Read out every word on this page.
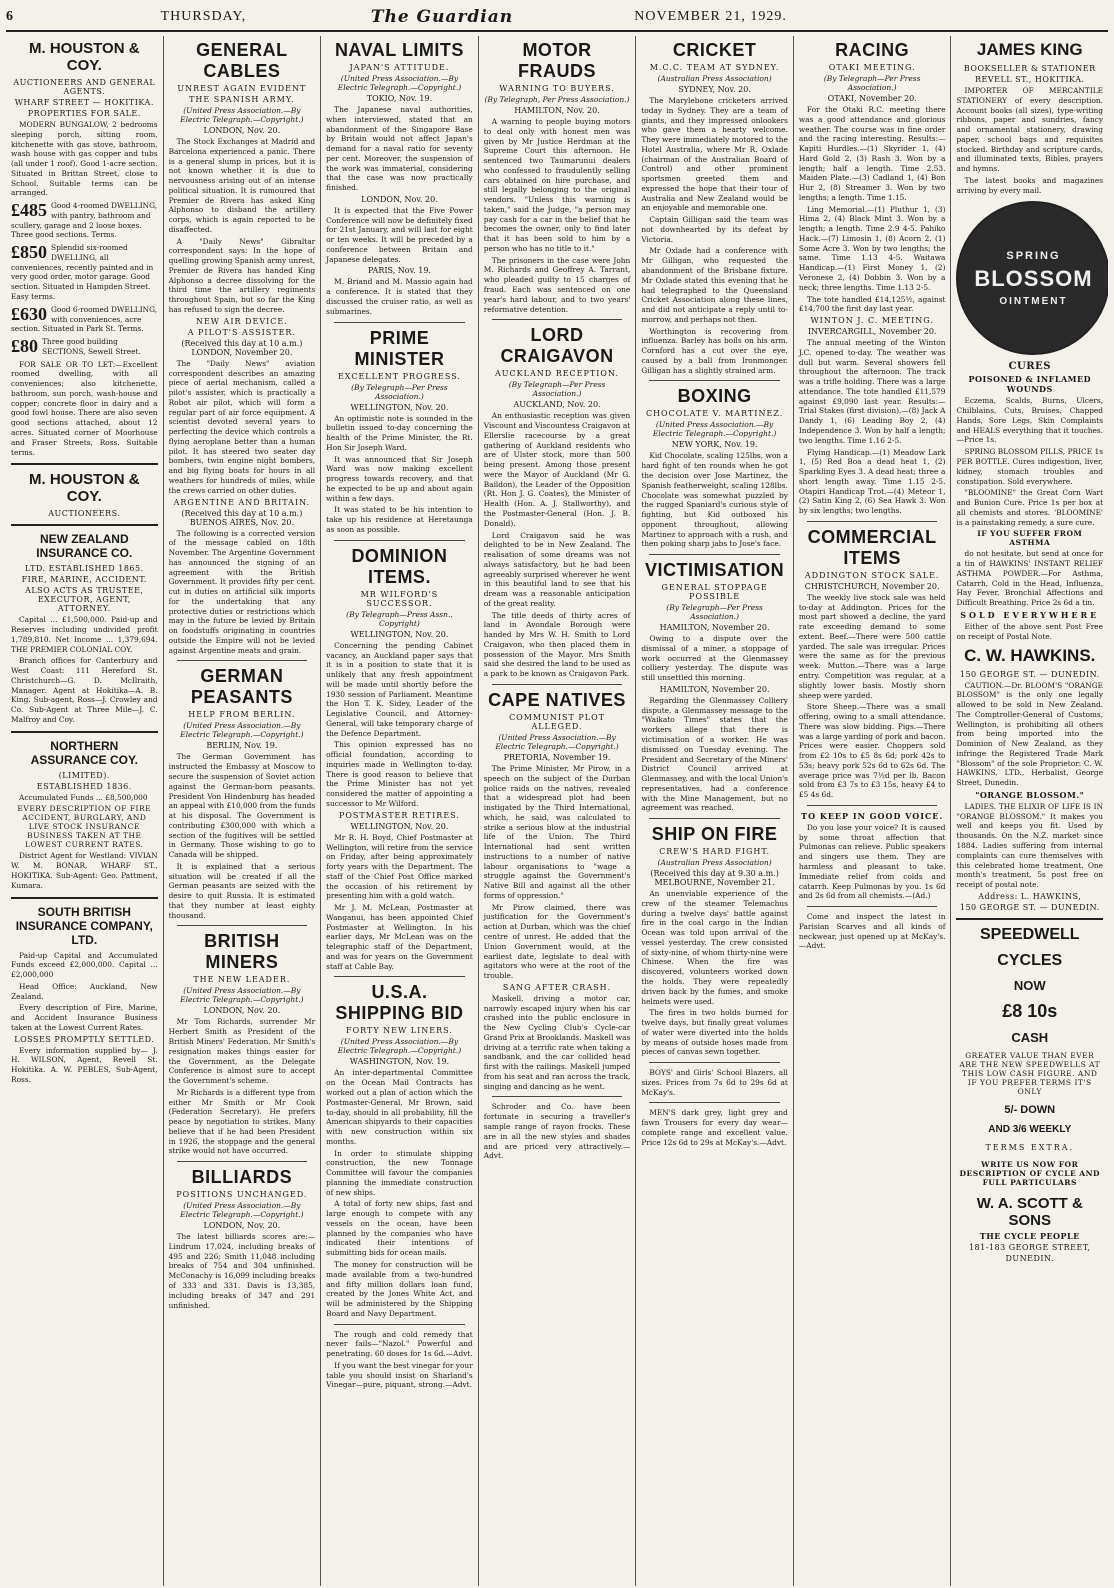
6	THURSDAY,	The Guardian	NOVEMBER 21, 1929.
M. HOUSTON & COY.
AUCTIONEERS AND GENERAL AGENTS.
WHARF STREET — HOKITIKA.
PROPERTIES FOR SALE.
MODERN BUNGALOW, 2 bedrooms sleeping porch, sitting room, kitchenette with gas stove, bathroom, wash house with gas copper and tubs (all under 1 roof). Good 1-acre section. Situated in Brittan Street, close to School. Suitable terms can be arranged.
£485 Good 4-roomed DWELLING, with pantry, bathroom and scullery, garage and 2 loose boxes. Three good sections. Terms.
£850 Splendid six-roomed DWELLING, all conveniences, recently painted and in very good order, motor garage. Good section. Situated in Hampden Street. Easy terms.
£630 Good 6-roomed DWELLING, with conveniences, acre section. Situated in Park St. Terms.
£80 Three good building SECTIONS, Sewell Street.
FOR SALE OR TO LET:—Excellent roomed dwelling, with all conveniences; also kitchenette, bathroom, sun porch, wash-house and copper; concrete floor in dairy and a good fowl house. There are also seven good sections attached, about 12 acres. Situated corner of Moorhouse and Fraser Streets, Ross. Suitable terms.
M. HOUSTON & COY.
AUCTIONEERS.
NEW ZEALAND INSURANCE CO.
LTD. ESTABLISHED 1865.
FIRE, MARINE, ACCIDENT.
ALSO ACTS AS TRUSTEE, EXECUTOR, AGENT, ATTORNEY.
Capital ... £1,500,000. Paid-up and Reserves including undivided profit 1,789,810. Net Income ... 1,379,694. THE PREMIER COLONIAL COY.
Branch offices for Canterbury and West Coast: 111 Hereford St. Christchurch—G. D. McIlraith, Manager. Agent at Hokitika—A. B. King. Sub-agent, Ross—J. Crowley and Co. Sub-Agent at Three Mile—J. C. Malfroy and Coy.
NORTHERN ASSURANCE COY.
(LIMITED).
ESTABLISHED 1836.
Accumulated Funds ... £8,500,000
EVERY DESCRIPTION OF FIRE ACCIDENT, BURGLARY, AND LIVE STOCK INSURANCE BUSINESS TAKEN AT THE LOWEST CURRENT RATES.
District Agent for Westland: VIVIAN W. M. BONAR, WHARF ST., HOKITIKA. Sub-Agent: Geo. Pattment, Kumara.
SOUTH BRITISH INSURANCE COMPANY, LTD.
Paid-up Capital and Accumulated Funds exceed £2,000,000. Capital ... £2,000,000
Head Office: Auckland, New Zealand.
Every description of Fire, Marine, and Accident Insurance Business taken at the Lowest Current Rates.
LOSSES PROMPTLY SETTLED.
Every information supplied by— J. H. WILSON, Agent, Revell St. Hokitika. A. W. PEBLES, Sub-Agent, Ross.
GENERAL CABLES
UNREST AGAIN EVIDENT
THE SPANISH ARMY.
(United Press Association.—By Electric Telegraph.—Copyright.)
LONDON, Nov. 20.
The Stock Exchanges at Madrid and Barcelona experienced a panic. There is a general slump in prices, but it is not known whether it is due to nervousness arising out of an intense political situation. It is rumoured that Premier de Rivera has asked King Alphonso to disband the artillery corps, which is again reported to be disaffected.
A "Daily News" Gibraltar correspondent says: In the hope of quelling growing Spanish army unrest, Premier de Rivera has handed King Alphonso a decree dissolving for the third time the artillery regiments throughout Spain, but so far the King has refused to sign the decree.
NEW AIR DEVICE.
A PILOT'S ASSISTER.
(Received this day at 10 a.m.) LONDON, November 20.
The "Daily News" aviation correspondent describes an amazing piece of aerial mechanism, called a pilot's assister, which is practically a Robot air pilot, which will form a regular part of air force equipment. A scientist devoted several years to perfecting the device which controls a flying aeroplane better than a human pilot. It has steered two seater day bombers, twin engine night bombers, and big flying boats for hours in all weathers for hundreds of miles, while the crews carried on other duties.
ARGENTINE AND BRITAIN.
(Received this day at 10 a.m.) BUENOS AIRES, Nov. 20.
The following is a corrected version of the message cabled on 18th November. The Argentine Government has announced the signing of an agreement with the British Government. It provides fifty per cent. cut in duties on artificial silk imports for the undertaking that any protective duties or restrictions which may in the future be levied by Britain on foodstuffs originating in countries outside the Empire will not be levied against Argentine meats and grain.
GERMAN PEASANTS
HELP FROM BERLIN.
(United Press Association.—By Electric Telegraph.—Copyright.)
BERLIN, Nov. 19.
The German Government has instructed the Embassy at Moscow to secure the suspension of Soviet action against the German-born peasants. President Von Hindenburg has headed an appeal with £10,000 from the funds at his disposal. The Government is contributing £300,000 with which a section of the fugitives will be settled in Germany. Those wishing to go to Canada will be shipped.
It is explained that a serious situation will be created if all the German peasants are seized with the desire to quit Russia. It is estimated that they number at least eighty thousand.
BRITISH MINERS
THE NEW LEADER.
(United Press Association.—By Electric Telegraph.—Copyright.)
LONDON, Nov. 20.
Mr Tom Richards, surrender Mr Herbert Smith as President of the British Miners' Federation. Mr Smith's resignation makes things easier for the Government, as the Delegate Conference is almost sure to accept the Government's scheme.
Mr Richards is a different type from either Mr Smith or Mr Cook (Federation Secretary). He prefers peace by negotiation to strikes. Many believe that if he had been President in 1926, the stoppage and the general strike would not have occurred.
BILLIARDS
POSITIONS UNCHANGED.
(United Press Association.—By Electric Telegraph.—Copyright.)
LONDON, Nov. 20.
The latest billiards scores are:— Lindrum 17,024, including breaks of 495 and 226; Smith 11,048 including breaks of 754 and 304 unfinished. McConachy is 16,099 including breaks of 333 and 331. Davis is 13,385, including breaks of 347 and 291 unfinished.
NAVAL LIMITS
JAPAN'S ATTITUDE.
(United Press Association.—By Electric Telegraph.—Copyright.)
TOKIO, Nov. 19.
The Japanese naval authorities, when interviewed, stated that an abandonment of the Singapore Base by Britain would not affect Japan's demand for a naval ratio for seventy per cent. Moreover, the suspension of the work was immaterial, considering that the case was now practically finished.
LONDON, Nov. 20.
It is expected that the Five Power Conference will now be definitely fixed for 21st January, and will last for eight or ten weeks. It will be preceded by a conference between Britain and Japanese delegates.
PARIS, Nov. 19.
M. Briand and M. Massio again had a conference. It is stated that they discussed the cruiser ratio, as well as submarines.
PRIME MINISTER
EXCELLENT PROGRESS.
(By Telegraph—Per Press Association.)
WELLINGTON, Nov. 20.
An optimistic note is sounded in the bulletin issued to-day concerning the health of the Prime Minister, the Rt. Hon Sir Joseph Ward.
It was announced that Sir Joseph Ward was now making excellent progress towards recovery, and that he expected to be up and about again within a few days.
It was stated to be his intention to take up his residence at Heretaunga as soon as possible.
DOMINION ITEMS.
MR WILFORD'S SUCCESSOR.
(By Telegraph—Press Assn., Copyright)
WELLINGTON, Nov. 20.
Concerning the pending Cabinet vacancy, an Auckland paper says that it is in a position to state that it is unlikely that any fresh appointment will be made until shortly before the 1930 session of Parliament. Meantime the Hon T. K. Sidey, Leader of the Legislative Council, and Attorney-General, will take temporary charge of the Defence Department.
This opinion expressed has no official foundation, according to inquiries made in Wellington to-day. There is good reason to believe that the Prime Minister has not yet considered the matter of appointing a successor to Mr Wilford.
POSTMASTER RETIRES.
WELLINGTON, Nov. 20.
Mr R. H. Boyd, Chief Postmaster at Wellington, will retire from the service on Friday, after being approximately forty years with the Department. The staff of the Chief Post Office marked the occasion of his retirement by presenting him with a gold watch.
Mr J. M. McLean, Postmaster at Wanganui, has been appointed Chief Postmaster at Wellington. In his earlier days, Mr McLean was on the telegraphic staff of the Department, and was for years on the Government staff at Cable Bay.
U.S.A. SHIPPING BID
FORTY NEW LINERS.
(United Press Association.—By Electric Telegraph.—Copyright.)
WASHINGTON, Nov. 19.
An inter-departmental Committee on the Ocean Mail Contracts has worked out a plan of action which the Postmaster-General, Mr Brown, said to-day, should in all probability, fill the American shipyards to their capacities with new construction within six months.
In order to stimulate shipping construction, the new Tonnage Committee will favour the companies planning the immediate construction of new ships.
A total of forty new ships, fast and large enough to compete with any vessels on the ocean, have been planned by the companies who have indicated their intentions of submitting bids for ocean mails.
The money for construction will be made available from a two-hundred and fifty million dollars loan fund, created by the Jones White Act, and will be administered by the Shipping Board and Navy Department.
The rough and cold remedy that never fails—"Nazol." Powerful and penetrating. 60 doses for 1s 6d.—Advt.
If you want the best vinegar for your table you should insist on Sharland's Vinegar—pure, piquant, strong.—Advt.
MOTOR FRAUDS
WARNING TO BUYERS.
(By Telegraph, Per Press Association.)
HAMILTON, Nov. 20.
A warning to people buying motors to deal only with honest men was given by Mr Justice Herdman at the Supreme Court this afternoon. He sentenced two Taumarunui dealers who confessed to fraudulently selling cars obtained on hire purchase, and still legally belonging to the original vendors. "Unless this warning is taken," said the Judge, "a person may pay cash for a car in the belief that he becomes the owner, only to find later that it has been sold to him by a person who has no title to it."
The prisoners in the case were John M. Richards and Geoffrey A. Tarrant, who pleaded guilty to 15 charges of fraud. Each was sentenced on one year's hard labour, and to two years' reformative detention.
LORD CRAIGAVON
AUCKLAND RECEPTION.
(By Telegraph—Per Press Association.)
AUCKLAND, Nov. 20.
An enthusiastic reception was given Viscount and Viscountess Craigavon at Ellerslie racecourse by a great gathering of Auckland residents who are of Ulster stock, more than 500 being present. Among those present were the Mayor of Auckland (Mr G. Baildon), the Leader of the Opposition (Rt. Hon J. G. Coates), the Minister of Health (Hon. A. J. Stallworthy), and the Postmaster-General (Hon. J. B. Donald).
Lord Craigavon said he was delighted to be in New Zealand. The realisation of some dreams was not always satisfactory, but he had been agreeably surprised wherever he went in this beautiful land to see that his dream was a reasonable anticipation of the great reality.
The title deeds of thirty acres of land in Avondale Borough were handed by Mrs W. H. Smith to Lord Craigavon, who then placed them in possession of the Mayor. Mrs Smith said she desired the land to be used as a park to be known as Craigavon Park.
CAPE NATIVES
COMMUNIST PLOT ALLEGED.
(United Press Association.—By Electric Telegraph.—Copyright.)
PRETORIA, November 19.
The Prime Minister, Mr Pirow, in a speech on the subject of the Durban police raids on the natives, revealed that a widespread plot had been instigated by the Third International, which, he said, was calculated to strike a serious blow at the industrial life of the Union. The Third International had sent written instructions to a number of native labour organisations to "wage a struggle against the Government's Native Bill and against all the other forms of oppression."
Mr Pirow claimed, there was justification for the Government's action at Durban, which was the chief centre of unrest. He added that the Union Government would, at the earliest date, legislate to deal with agitators who were at the root of the trouble.
SANG AFTER CRASH.
Maskell, driving a motor car, narrowly escaped injury when his car crashed into the public enclosure in the New Cycling Club's Cycle-car Grand Prix at Brooklands. Maskell was driving at a terrific rate when taking a sandbank, and the car collided head first with the railings. Maskell jumped from his seat and ran across the track, singing and dancing as he went.
Schroder and Co. have been fortunate in securing a traveller's sample range of rayon frocks. These are in all the new styles and shades and are priced very attractively.—Advt.
CRICKET
M.C.C. TEAM AT SYDNEY.
(Australian Press Association)
SYDNEY, Nov. 20.
The Marylebone cricketers arrived today in Sydney. They are a team of giants, and they impressed onlookers who gave them a hearty welcome. They were immediately motored to the Hotel Australia, where Mr R. Oxlade (chairman of the Australian Board of Control) and other prominent sportsmen greeted them and expressed the hope that their tour of Australia and New Zealand would be an enjoyable and memorable one.
Captain Gilligan said the team was not downhearted by its defeat by Victoria.
Mr Oxlade had a conference with Mr Gilligan, who requested the abandonment of the Brisbane fixture. Mr Oxlade stated this evening that he had telegraphed to the Queensland Cricket Association along these lines, and did not anticipate a reply until to-morrow, and perhaps not then.
Worthington is recovering from influenza. Barley has boils on his arm. Cornford has a cut over the eye, caused by a ball from Ironmonger. Gilligan has a slightly strained arm.
BOXING
CHOCOLATE V. MARTINEZ.
(United Press Association.—By Electric Telegraph.—Copyright.)
NEW YORK, Nov. 19.
Kid Chocolate, scaling 125lbs, won a hard fight of ten rounds when he got the decision over Jose Martinez, the Spanish featherweight, scaling 128lbs. Chocolate was somewhat puzzled by the rugged Spaniard's curious style of fighting, but Kid outboxed his opponent throughout, allowing Martinez to approach with a rush, and then poking sharp jabs to Jose's face.
VICTIMISATION
GENERAL STOPPAGE POSSIBLE
(By Telegraph—Per Press Association.)
HAMILTON, November 20.
Owing to a dispute over the dismissal of a miner, a stoppage of work occurred at the Glenmassey colliery yesterday. The dispute was still unsettled this morning.
HAMILTON, November 20.
Regarding the Glenmassey Colliery dispute, a Glenmassey message to the "Waikato Times" states that the workers allege that there is victimisation of a worker. He was dismissed on Tuesday evening. The President and Secretary of the Miners' District Council arrived at Glenmassey, and with the local Union's representatives, had a conference with the Mine Management, but no agreement was reached.
SHIP ON FIRE
CREW'S HARD FIGHT.
(Australian Press Association)
(Received this day at 9.30 a.m.) MELBOURNE, November 21.
An unenviable experience of the crew of the steamer Telemachus during a twelve days' battle against fire in the coal cargo in the Indian Ocean was told upon arrival of the vessel yesterday. The crew consisted of sixty-nine, of whom thirty-nine were Chinese. When the fire was discovered, volunteers worked down the holds. They were repeatedly driven back by the fumes, and smoke helmets were used.
The fires in two holds burned for twelve days, but finally great volumes of water were diverted into the holds by means of outside hoses made from pieces of canvas sewn together.
BOYS' and Girls' School Blazers, all sizes. Prices from 7s 6d to 29s 6d at McKay's.
MEN'S dark grey, light grey and fawn Trousers for every day wear—complete range and excellent value. Price 12s 6d to 29s at McKay's.—Advt.
RACING
OTAKI MEETING.
(By Telegraph—Per Press Association.)
OTAKI, November 20.
For the Otaki R.C. meeting there was a good attendance and glorious weather. The course was in fine order and the racing interesting. Results:— Kapiti Hurdles.—(1) Skyrider 1, (4) Hard Gold 2, (3) Rash 3. Won by a length; half a length. Time 2.53. Maiden Plate.—(3) Cadland 1, (4) Bon Hur 2, (8) Streamer 3. Won by two lengths; a length. Time 1.15.
Ling Memorial.—(1) Pluthur 1, (3) Hima 2, (4) Black Mint 3. Won by a length; a length. Time 2.9 4-5. Pahiko Hack.—(7) Limosin 1, (8) Acorn 2, (1) Some Acre 3. Won by two lengths; the same. Time 1.13 4-5. Waitawa Handicap.—(1) First Money 1, (2) Veronese 2, (4) Dobbin 3. Won by a neck; three lengths. Time 1.13 2-5.
The tote handled £14,125½, against £14,700 the first day last year.
WINTON J. C. MEETING.
INVERCARGILL, November 20.
The annual meeting of the Winton J.C. opened to-day. The weather was dull but warm. Several showers fell throughout the afternoon. The track was a trifle holding. There was a large attendance. The tote handled £11,579 against £9,090 last year. Results:— Trial Stakes (first division).—(8) Jack A Dandy 1, (6) Leading Boy 2, (4) Independence 3. Won by half a length; two lengths. Time 1.16 2-5.
Flying Handicap.—(1) Meadow Lark 1, (5) Red Boa a dead heat 1, (2) Sparkling Eyes 3. A dead heat; three a short length away. Time 1.15 2-5. Otapiri Handicap Trot.—(4) Meteor 1, (2) Satin King 2, (6) Sea Hawk 3. Won by six lengths; two lengths.
COMMERCIAL ITEMS
ADDINGTON STOCK SALE.
CHRISTCHURCH, November 20.
The weekly live stock sale was held to-day at Addington. Prices for the most part showed a decline, the yard rate exceeding demand to some extent. Beef.—There were 500 cattle yarded. The sale was irregular. Prices were the same as for the previous week. Mutton.—There was a large entry. Competition was regular, at a slightly lower basis. Mostly shorn sheep were yarded.
Store Sheep.—There was a small offering, owing to a small attendance. There was slow bidding. Pigs.—There was a large yarding of pork and bacon. Prices were easier. Choppers sold from £2 10s to £5 8s 6d; pork 42s to 53s; heavy pork 52s 6d to 62s 6d. The average price was 7½d per lb. Bacon sold from £3 7s to £3 15s, heavy £4 to £5 4s 6d.
TO KEEP IN GOOD VOICE.
Do you lose your voice? It is caused by some throat affection that Pulmonas can relieve. Public speakers and singers use them. They are harmless and pleasant to take. Immediate relief from colds and catarrh. Keep Pulmonas by you. 1s 6d and 2s 6d from all chemists.—(Ad.)
Come and inspect the latest in Parisian Scarves and all kinds of neckwear, just opened up at McKay's.—Advt.
JAMES KING
BOOKSELLER & STATIONER
REVELL ST., HOKITIKA.
IMPORTER OF MERCANTILE STATIONERY of every description. Account books (all sizes), type-writing ribbons, paper and sundries, fancy and ornamental stationery, drawing paper, school bags and requisites stocked. Birthday and scripture cards, and illuminated texts, Bibles, prayers and hymns.
The latest books and magazines arriving by every mail.
SPRING
BLOSSOM
OINTMENT
CURES
POISONED & INFLAMED WOUNDS
Eczema, Scalds, Burns, Ulcers, Chilblains, Cuts, Bruises, Chapped Hands, Sore Legs, Skin Complaints and HEALS everything that it touches.—Price 1s.
SPRING BLOSSOM PILLS, PRICE 1s PER BOTTLE. Cures indigestion, liver, kidney, stomach troubles and constipation. Sold everywhere.
"BLOOMINE" the Great Corn Wart and Bunion Cure. Price 1s per box at all chemists and stores. 'BLOOMINE' is a painstaking remedy, a sure cure.
IF YOU SUFFER FROM ASTHMA
do not hesitate, but send at once for a tin of HAWKINS' INSTANT RELIEF ASTHMA POWDER.—For Asthma, Catarrh, Cold in the Head, Influenza, Hay Fever, Bronchial Affections and Difficult Breathing. Price 2s 6d a tin.
SOLD EVERYWHERE
Either of the above sent Post Free on receipt of Postal Note.
C. W. HAWKINS.
150 GEORGE ST. — DUNEDIN.
CAUTION.—Dr. BLOOM'S "ORANGE BLOSSOM" is the only one legally allowed to be sold in New Zealand. The Comptroller-General of Customs, Wellington, is prohibiting all others from being imported into the Dominion of New Zealand, as they infringe the Registered Trade Mark "Blossom" of the sole Proprietor: C. W. HAWKINS, LTD., Herbalist, George Street, Dunedin.
"ORANGE BLOSSOM."
LADIES. THE ELIXIR OF LIFE IS IN "ORANGE BLOSSOM." It makes you well and keeps you fit. Used by thousands. On the N.Z. market since 1884. Ladies suffering from internal complaints can cure themselves with this celebrated home treatment. One month's treatment, 5s post free on receipt of postal note.
Address: L. HAWKINS,
150 GEORGE ST. — DUNEDIN.
SPEEDWELL
CYCLES
NOW
£8 10s
CASH
GREATER VALUE THAN EVER ARE THE NEW SPEEDWELLS AT THIS LOW CASH FIGURE. AND IF YOU PREFER TERMS IT'S ONLY
5/- DOWN
AND 3/6 WEEKLY
TERMS EXTRA.
WRITE US NOW FOR DESCRIPTION OF CYCLE AND FULL PARTICULARS
W. A. SCOTT & SONS
THE CYCLE PEOPLE
181-183 GEORGE STREET,
DUNEDIN.
